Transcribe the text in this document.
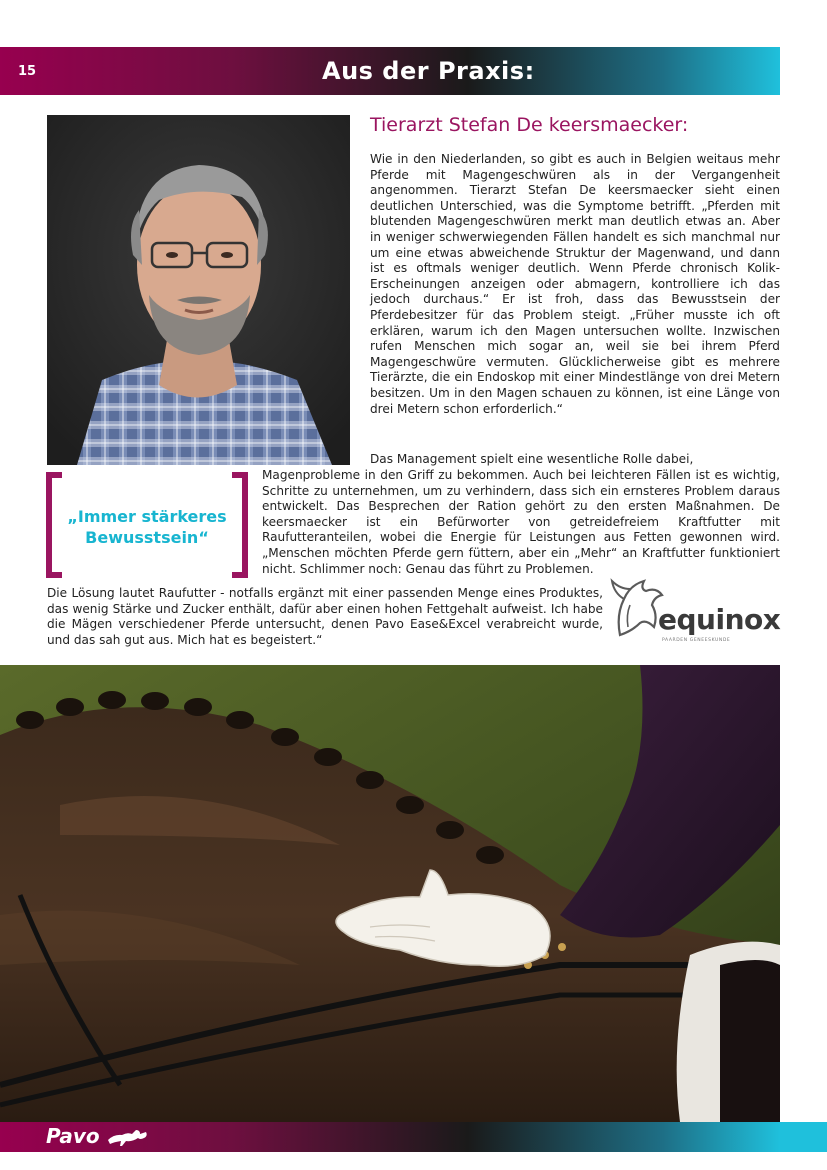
15	Aus der Praxis:
Tierarzt Stefan De keersmaecker:

Wie in den Niederlanden, so gibt es auch in Belgien weitaus mehr Pferde mit Magengeschwüren als in der Vergangenheit angenommen. Tierarzt Stefan De keersmaecker sieht einen deutlichen Unterschied, was die Symptome betrifft. „Pferden mit blutenden Magengeschwüren merkt man deutlich etwas an. Aber in weniger schwerwiegenden Fällen handelt es sich manchmal nur um eine etwas abweichende Struktur der Magenwand, und dann ist es oftmals weniger deutlich. Wenn Pferde chronisch Kolik-Erscheinungen anzeigen oder abmagern, kontrolliere ich das jedoch durchaus.“ Er ist froh, dass das Bewusstsein der Pferdebesitzer für das Problem steigt. „Früher musste ich oft erklären, warum ich den Magen untersuchen wollte. Inzwischen rufen Menschen mich sogar an, weil sie bei ihrem Pferd Magengeschwüre vermuten. Glücklicherweise gibt es mehrere Tierärzte, die ein Endoskop mit einer Mindestlänge von drei Metern besitzen. Um in den Magen schauen zu können, ist eine Länge von drei Metern schon erforderlich.“

Das Management spielt eine wesentliche Rolle dabei,

Magenprobleme in den Griff zu bekommen. Auch bei leichteren Fällen ist es wichtig, Schritte zu unternehmen, um zu verhindern, dass sich ein ernsteres Problem daraus entwickelt. Das Besprechen der Ration gehört zu den ersten Maßnahmen. De keersmaecker ist ein Befürworter von getreidefreiem Kraftfutter mit Raufutteranteilen, wobei die Energie für Leistungen aus Fetten gewonnen wird. „Menschen möchten Pferde gern füttern, aber ein „Mehr“ an Kraftfutter funktioniert nicht. Schlimmer noch: Genau das führt zu Problemen.

Die Lösung lautet Raufutter - notfalls ergänzt mit einer passenden Menge eines Produktes, das wenig Stärke und Zucker enthält, dafür aber einen hohen Fettgehalt aufweist. Ich habe die Mägen verschiedener Pferde untersucht, denen Pavo Ease&Excel verabreicht wurde, und das sah gut aus. Mich hat es begeistert.“

„Immer stärkeres
Bewusstsein“
equinox
PAARDEN GENEESKUNDE
Pavo
